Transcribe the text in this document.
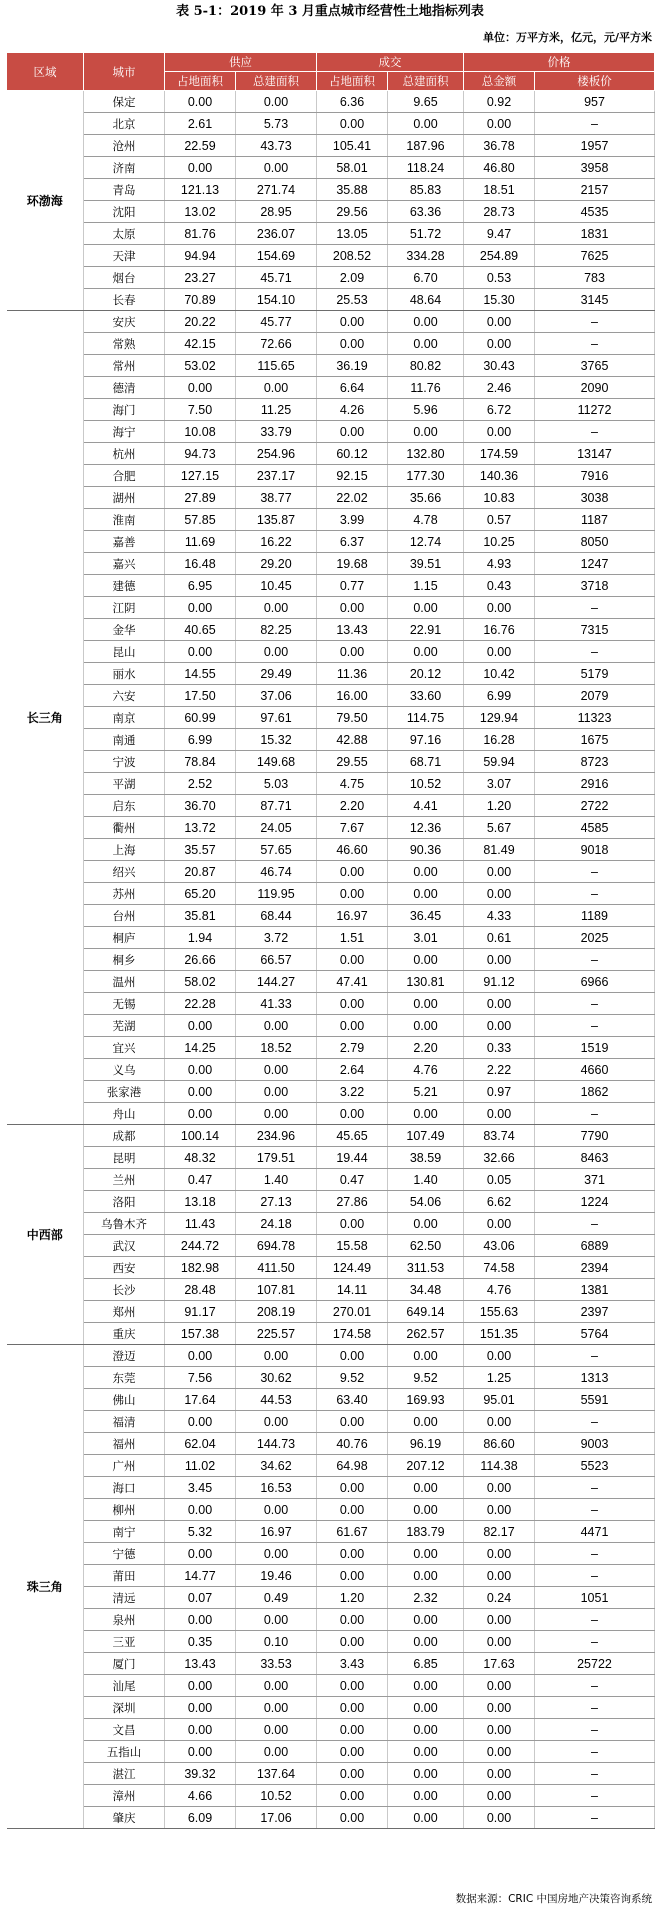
表 5-1：2019 年 3 月重点城市经营性土地指标列表
单位：万平方米，亿元，元/平方米
区域	城市	供应		成交		价格	
		占地面积	总建面积	占地面积	总建面积	总金额	楼板价
环渤海	保定	0.00	0.00	6.36	9.65	0.92	957
	北京	2.61	5.73	0.00	0.00	0.00	–
	沧州	22.59	43.73	105.41	187.96	36.78	1957
	济南	0.00	0.00	58.01	118.24	46.80	3958
	青岛	121.13	271.74	35.88	85.83	18.51	2157
	沈阳	13.02	28.95	29.56	63.36	28.73	4535
	太原	81.76	236.07	13.05	51.72	9.47	1831
	天津	94.94	154.69	208.52	334.28	254.89	7625
	烟台	23.27	45.71	2.09	6.70	0.53	783
	长春	70.89	154.10	25.53	48.64	15.30	3145
长三角	安庆	20.22	45.77	0.00	0.00	0.00	–
	常熟	42.15	72.66	0.00	0.00	0.00	–
	常州	53.02	115.65	36.19	80.82	30.43	3765
	德清	0.00	0.00	6.64	11.76	2.46	2090
	海门	7.50	11.25	4.26	5.96	6.72	11272
	海宁	10.08	33.79	0.00	0.00	0.00	–
	杭州	94.73	254.96	60.12	132.80	174.59	13147
	合肥	127.15	237.17	92.15	177.30	140.36	7916
	湖州	27.89	38.77	22.02	35.66	10.83	3038
	淮南	57.85	135.87	3.99	4.78	0.57	1187
	嘉善	11.69	16.22	6.37	12.74	10.25	8050
	嘉兴	16.48	29.20	19.68	39.51	4.93	1247
	建德	6.95	10.45	0.77	1.15	0.43	3718
	江阴	0.00	0.00	0.00	0.00	0.00	–
	金华	40.65	82.25	13.43	22.91	16.76	7315
	昆山	0.00	0.00	0.00	0.00	0.00	–
	丽水	14.55	29.49	11.36	20.12	10.42	5179
	六安	17.50	37.06	16.00	33.60	6.99	2079
	南京	60.99	97.61	79.50	114.75	129.94	11323
	南通	6.99	15.32	42.88	97.16	16.28	1675
	宁波	78.84	149.68	29.55	68.71	59.94	8723
	平湖	2.52	5.03	4.75	10.52	3.07	2916
	启东	36.70	87.71	2.20	4.41	1.20	2722
	衢州	13.72	24.05	7.67	12.36	5.67	4585
	上海	35.57	57.65	46.60	90.36	81.49	9018
	绍兴	20.87	46.74	0.00	0.00	0.00	–
	苏州	65.20	119.95	0.00	0.00	0.00	–
	台州	35.81	68.44	16.97	36.45	4.33	1189
	桐庐	1.94	3.72	1.51	3.01	0.61	2025
	桐乡	26.66	66.57	0.00	0.00	0.00	–
	温州	58.02	144.27	47.41	130.81	91.12	6966
	无锡	22.28	41.33	0.00	0.00	0.00	–
	芜湖	0.00	0.00	0.00	0.00	0.00	–
	宜兴	14.25	18.52	2.79	2.20	0.33	1519
	义乌	0.00	0.00	2.64	4.76	2.22	4660
	张家港	0.00	0.00	3.22	5.21	0.97	1862
	舟山	0.00	0.00	0.00	0.00	0.00	–
中西部	成都	100.14	234.96	45.65	107.49	83.74	7790
	昆明	48.32	179.51	19.44	38.59	32.66	8463
	兰州	0.47	1.40	0.47	1.40	0.05	371
	洛阳	13.18	27.13	27.86	54.06	6.62	1224
	乌鲁木齐	11.43	24.18	0.00	0.00	0.00	–
	武汉	244.72	694.78	15.58	62.50	43.06	6889
	西安	182.98	411.50	124.49	311.53	74.58	2394
	长沙	28.48	107.81	14.11	34.48	4.76	1381
	郑州	91.17	208.19	270.01	649.14	155.63	2397
	重庆	157.38	225.57	174.58	262.57	151.35	5764
珠三角	澄迈	0.00	0.00	0.00	0.00	0.00	–
	东莞	7.56	30.62	9.52	9.52	1.25	1313
	佛山	17.64	44.53	63.40	169.93	95.01	5591
	福清	0.00	0.00	0.00	0.00	0.00	–
	福州	62.04	144.73	40.76	96.19	86.60	9003
	广州	11.02	34.62	64.98	207.12	114.38	5523
	海口	3.45	16.53	0.00	0.00	0.00	–
	柳州	0.00	0.00	0.00	0.00	0.00	–
	南宁	5.32	16.97	61.67	183.79	82.17	4471
	宁德	0.00	0.00	0.00	0.00	0.00	–
	莆田	14.77	19.46	0.00	0.00	0.00	–
	清远	0.07	0.49	1.20	2.32	0.24	1051
	泉州	0.00	0.00	0.00	0.00	0.00	–
	三亚	0.35	0.10	0.00	0.00	0.00	–
	厦门	13.43	33.53	3.43	6.85	17.63	25722
	汕尾	0.00	0.00	0.00	0.00	0.00	–
	深圳	0.00	0.00	0.00	0.00	0.00	–
	文昌	0.00	0.00	0.00	0.00	0.00	–
	五指山	0.00	0.00	0.00	0.00	0.00	–
	湛江	39.32	137.64	0.00	0.00	0.00	–
	漳州	4.66	10.52	0.00	0.00	0.00	–
	肇庆	6.09	17.06	0.00	0.00	0.00	–
数据来源：CRIC 中国房地产决策咨询系统
